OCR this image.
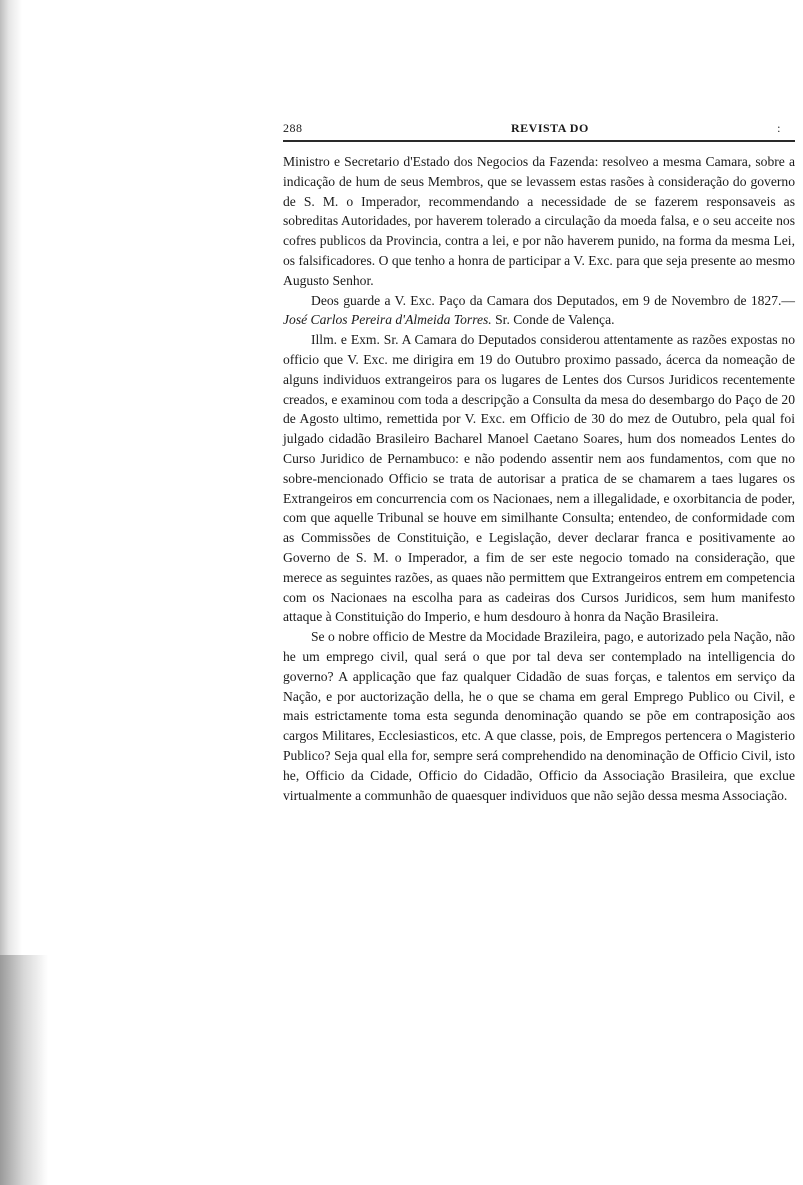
288	REVISTA DO	:

Ministro e Secretario d'Estado dos Negocios da Fazenda: resolveo a mesma Camara, sobre a indicação de hum de seus Membros, que se levassem estas rasões à consideração do governo de S. M. o Imperador, recommendando a necessidade de se fazerem responsaveis as sobreditas Autoridades, por haverem tolerado a circulação da moeda falsa, e o seu acceite nos cofres publicos da Provincia, contra a lei, e por não haverem punido, na forma da mesma Lei, os falsificadores. O que tenho a honra de participar a V. Exc. para que seja presente ao mesmo Augusto Senhor.

Deos guarde a V. Exc. Paço da Camara dos Deputados, em 9 de Novembro de 1827.— José Carlos Pereira d'Almeida Torres. Sr. Conde de Valença.

Illm. e Exm. Sr. A Camara do Deputados considerou attentamente as razões expostas no officio que V. Exc. me dirigira em 19 do Outubro proximo passado, ácerca da nomeação de alguns individuos extrangeiros para os lugares de Lentes dos Cursos Juridicos recentemente creados, e examinou com toda a descripção a Consulta da mesa do desembargo do Paço de 20 de Agosto ultimo, remettida por V. Exc. em Officio de 30 do mez de Outubro, pela qual foi julgado cidadão Brasileiro Bacharel Manoel Caetano Soares, hum dos nomeados Lentes do Curso Juridico de Pernambuco: e não podendo assentir nem aos fundamentos, com que no sobre-mencionado Officio se trata de autorisar a pratica de se chamarem a taes lugares os Extrangeiros em concurrencia com os Nacionaes, nem a illegalidade, e oxorbitancia de poder, com que aquelle Tribunal se houve em similhante Consulta; entendeo, de conformidade com as Commissões de Constituição, e Legislação, dever declarar franca e positivamente ao Governo de S. M. o Imperador, a fim de ser este negocio tomado na consideração, que merece as seguintes razões, as quaes não permittem que Extrangeiros entrem em competencia com os Nacionaes na escolha para as cadeiras dos Cursos Juridicos, sem hum manifesto attaque à Constituição do Imperio, e hum desdouro à honra da Nação Brasileira.

Se o nobre officio de Mestre da Mocidade Brazileira, pago, e autorizado pela Nação, não he um emprego civil, qual será o que por tal deva ser contemplado na intelligencia do governo? A applicação que faz qualquer Cidadão de suas forças, e talentos em serviço da Nação, e por auctorização della, he o que se chama em geral Emprego Publico ou Civil, e mais estrictamente toma esta segunda denominação quando se põe em contraposição aos cargos Militares, Ecclesiasticos, etc. A que classe, pois, de Empregos pertencera o Magisterio Publico? Seja qual ella for, sempre será comprehendido na denominação de Officio Civil, isto he, Officio da Cidade, Officio do Cidadão, Officio da Associação Brasileira, que exclue virtualmente a communhão de quaesquer individuos que não sejão dessa mesma Associação.
